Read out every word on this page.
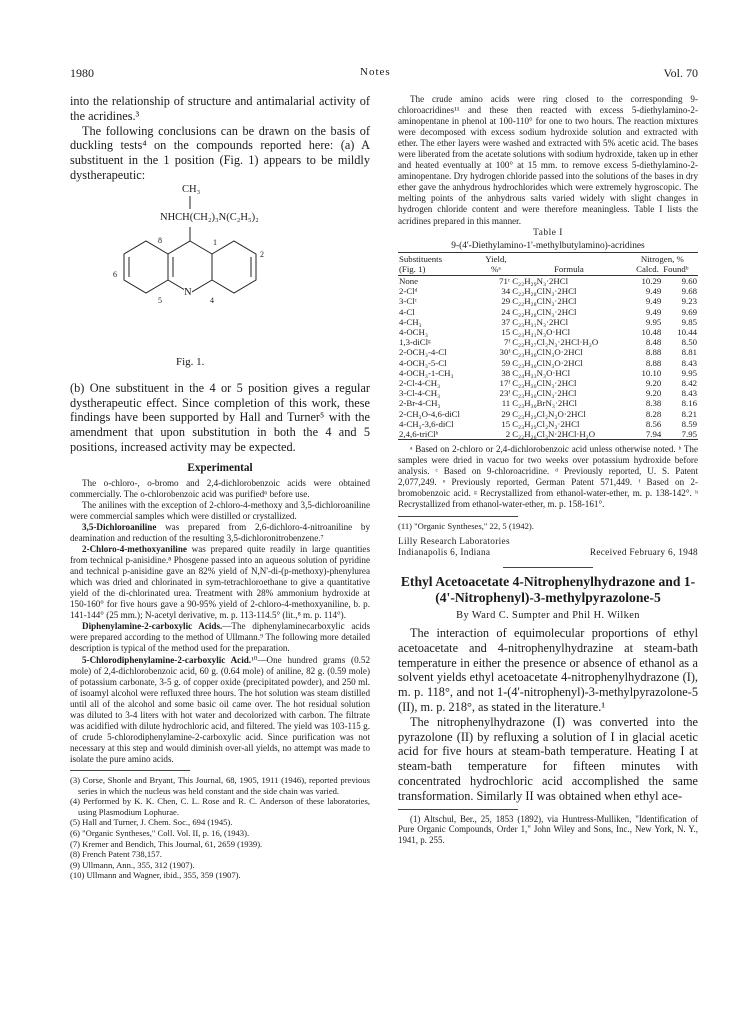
1980	Notes	Vol. 70

into the relationship of structure and antimalarial activity of the acridines.³

The following conclusions can be drawn on the basis of duckling tests⁴ on the compounds reported here: (a) A substituent in the 1 position (Fig. 1) appears to be mildly dystherapeutic:

CH₃
NHCH(CH₂)₃N(C₂H₅)₂
N
1
2
4
5
6
8
Fig. 1.

(b) One substituent in the 4 or 5 position gives a regular dystherapeutic effect. Since completion of this work, these findings have been supported by Hall and Turner⁵ with the amendment that upon substitution in both the 4 and 5 positions, increased activity may be expected.

Experimental

The o-chloro-, o-bromo and 2,4-dichlorobenzoic acids were obtained commercially. The o-chlorobenzoic acid was purified⁶ before use.

The anilines with the exception of 2-chloro-4-methoxy and 3,5-dichloroaniline were commercial samples which were distilled or crystallized.

3,5-Dichloroaniline was prepared from 2,6-dichloro-4-nitroaniline by deamination and reduction of the resulting 3,5-dichloronitrobenzene.⁷

2-Chloro-4-methoxyaniline was prepared quite readily in large quantities from technical p-anisidine.⁸ Phosgene passed into an aqueous solution of pyridine and technical p-anisidine gave an 82% yield of N,N'-di-(p-methoxy)-phenylurea which was dried and chlorinated in sym-tetrachloroethane to give a quantitative yield of the di-chlorinated urea. Treatment with 28% ammonium hydroxide at 150-160° for five hours gave a 90-95% yield of 2-chloro-4-methoxyaniline, b. p. 141-144° (25 mm.); N-acetyl derivative, m. p. 113-114.5° (lit.,⁸ m. p. 114°).

Diphenylamine-2-carboxylic Acids.—The diphenylaminecarboxylic acids were prepared according to the method of Ullmann.⁹ The following more detailed description is typical of the method used for the preparation.

5-Chlorodiphenylamine-2-carboxylic Acid.¹⁰—One hundred grams (0.52 mole) of 2,4-dichlorobenzoic acid, 60 g. (0.64 mole) of aniline, 82 g. (0.59 mole) of potassium carbonate, 3-5 g. of copper oxide (precipitated powder), and 250 ml. of isoamyl alcohol were refluxed three hours. The hot solution was steam distilled until all of the alcohol and some basic oil came over. The hot residual solution was diluted to 3-4 liters with hot water and decolorized with carbon. The filtrate was acidified with dilute hydrochloric acid, and filtered. The yield was 103-115 g. of crude 5-chlorodiphenylamine-2-carboxylic acid. Since purification was not necessary at this step and would diminish over-all yields, no attempt was made to isolate the pure amino acids.

(3) Corse, Shonle and Bryant, This Journal, 68, 1905, 1911 (1946), reported previous series in which the nucleus was held constant and the side chain was varied.

(4) Performed by K. K. Chen, C. L. Rose and R. C. Anderson of these laboratories, using Plasmodium Lophurae.

(5) Hall and Turner, J. Chem. Soc., 694 (1945).

(6) "Organic Syntheses," Coll. Vol. II, p. 16, (1943).

(7) Kremer and Bendich, This Journal, 61, 2659 (1939).

(8) French Patent 738,157.

(9) Ullmann, Ann., 355, 312 (1907).

(10) Ullmann and Wagner, ibid., 355, 359 (1907).

The crude amino acids were ring closed to the corresponding 9-chloroacridines¹¹ and these then reacted with excess 5-diethylamino-2-aminopentane in phenol at 100-110° for one to two hours. The reaction mixtures were decomposed with excess sodium hydroxide solution and extracted with ether. The ether layers were washed and extracted with 5% acetic acid. The bases were liberated from the acetate solutions with sodium hydroxide, taken up in ether and heated eventually at 100° at 15 mm. to remove excess 5-diethylamino-2-aminopentane. Dry hydrogen chloride passed into the solutions of the bases in dry ether gave the anhydrous hydrochlorides which were extremely hygroscopic. The melting points of the anhydrous salts varied widely with slight changes in hydrogen chloride content and were therefore meaningless. Table I lists the acridines prepared in this manner.

Table I
9-(4'-Diethylamino-1'-methylbutylamino)-acridines
Substituents
(Fig. 1)	Yield,
%ᵃ	Formula	Nitrogen, %
Calcd. Foundᵇ	
None	71ᶜ	C₂₂H₂₉N₃·2HCl	10.29	9.60
2-Clᵈ	34	C₂₂H₂₈ClN₃·2HCl	9.49	9.68
3-Clᶜ	29	C₂₂H₂₈ClN₃·2HCl	9.49	9.23
4-Cl	24	C₂₂H₂₈ClN₃·2HCl	9.49	9.69
4-CH₃	37	C₂₃H₃₁N₃·2HCl	9.95	9.85
4-OCH₃	15	C₂₃H₃₁N₃O·HCl	10.48	10.44
1,3-diClᵍ	7ᶠ	C₂₂H₂₇Cl₂N₃·2HCl·H₂O	8.48	8.50
2-OCH₃-4-Cl	30ᶠ	C₂₃H₃₀ClN₃O·2HCl	8.88	8.81
4-OCH₃-5-Cl	59	C₂₃H₃₀ClN₃O·2HCl	8.88	8.43
4-OCH₃-1-CH₃	38	C₂₄H₃₃N₃O·HCl	10.10	9.95
2-Cl-4-CH₃	17ᶠ	C₂₃H₃₀ClN₃·2HCl	9.20	8.42
3-Cl-4-CH₃	23ᶠ	C₂₃H₃₀ClN₃·2HCl	9.20	8.43
2-Br-4-CH₃	11	C₂₃H₃₀BrN₃·2HCl	8.38	8.16
2-CH₃O-4,6-diCl	29	C₂₃H₂₉Cl₂N₃O·2HCl	8.28	8.21
4-CH₃-3,6-diCl	15	C₂₃H₂₉Cl₂N₃·2HCl	8.56	8.59
2,4,6-triClʰ	2	C₂₂H₂₆Cl₃N·2HCl·H₂O	7.94	7.95

ᵃ Based on 2-chloro or 2,4-dichlorobenzoic acid unless otherwise noted. ᵇ The samples were dried in vacuo for two weeks over potassium hydroxide before analysis. ᶜ Based on 9-chloroacridine. ᵈ Previously reported, U. S. Patent 2,077,249. ᵉ Previously reported, German Patent 571,449. ᶠ Based on 2-bromobenzoic acid. ᵍ Recrystallized from ethanol-water-ether, m. p. 138-142°. ʰ Recrystallized from ethanol-water-ether, m. p. 158-161°.

(11) "Organic Syntheses," 22, 5 (1942).

Lilly Research Laboratories
Indianapolis 6, Indiana	Received February 6, 1948
Ethyl Acetoacetate 4-Nitrophenylhydrazone and 1-(4'-Nitrophenyl)-3-methylpyrazolone-5
By Ward C. Sumpter and Phil H. Wilken

The interaction of equimolecular proportions of ethyl acetoacetate and 4-nitrophenylhydrazine at steam-bath temperature in either the presence or absence of ethanol as a solvent yields ethyl acetoacetate 4-nitrophenylhydrazone (I), m. p. 118°, and not 1-(4'-nitrophenyl)-3-methylpyrazolone-5 (II), m. p. 218°, as stated in the literature.¹

The nitrophenylhydrazone (I) was converted into the pyrazolone (II) by refluxing a solution of I in glacial acetic acid for five hours at steam-bath temperature. Heating I at steam-bath temperature for fifteen minutes with concentrated hydrochloric acid accomplished the same transformation. Similarly II was obtained when ethyl ace-

(1) Altschul, Ber., 25, 1853 (1892), via Huntress-Mulliken, "Identification of Pure Organic Compounds, Order 1," John Wiley and Sons, Inc., New York, N. Y., 1941, p. 255.
